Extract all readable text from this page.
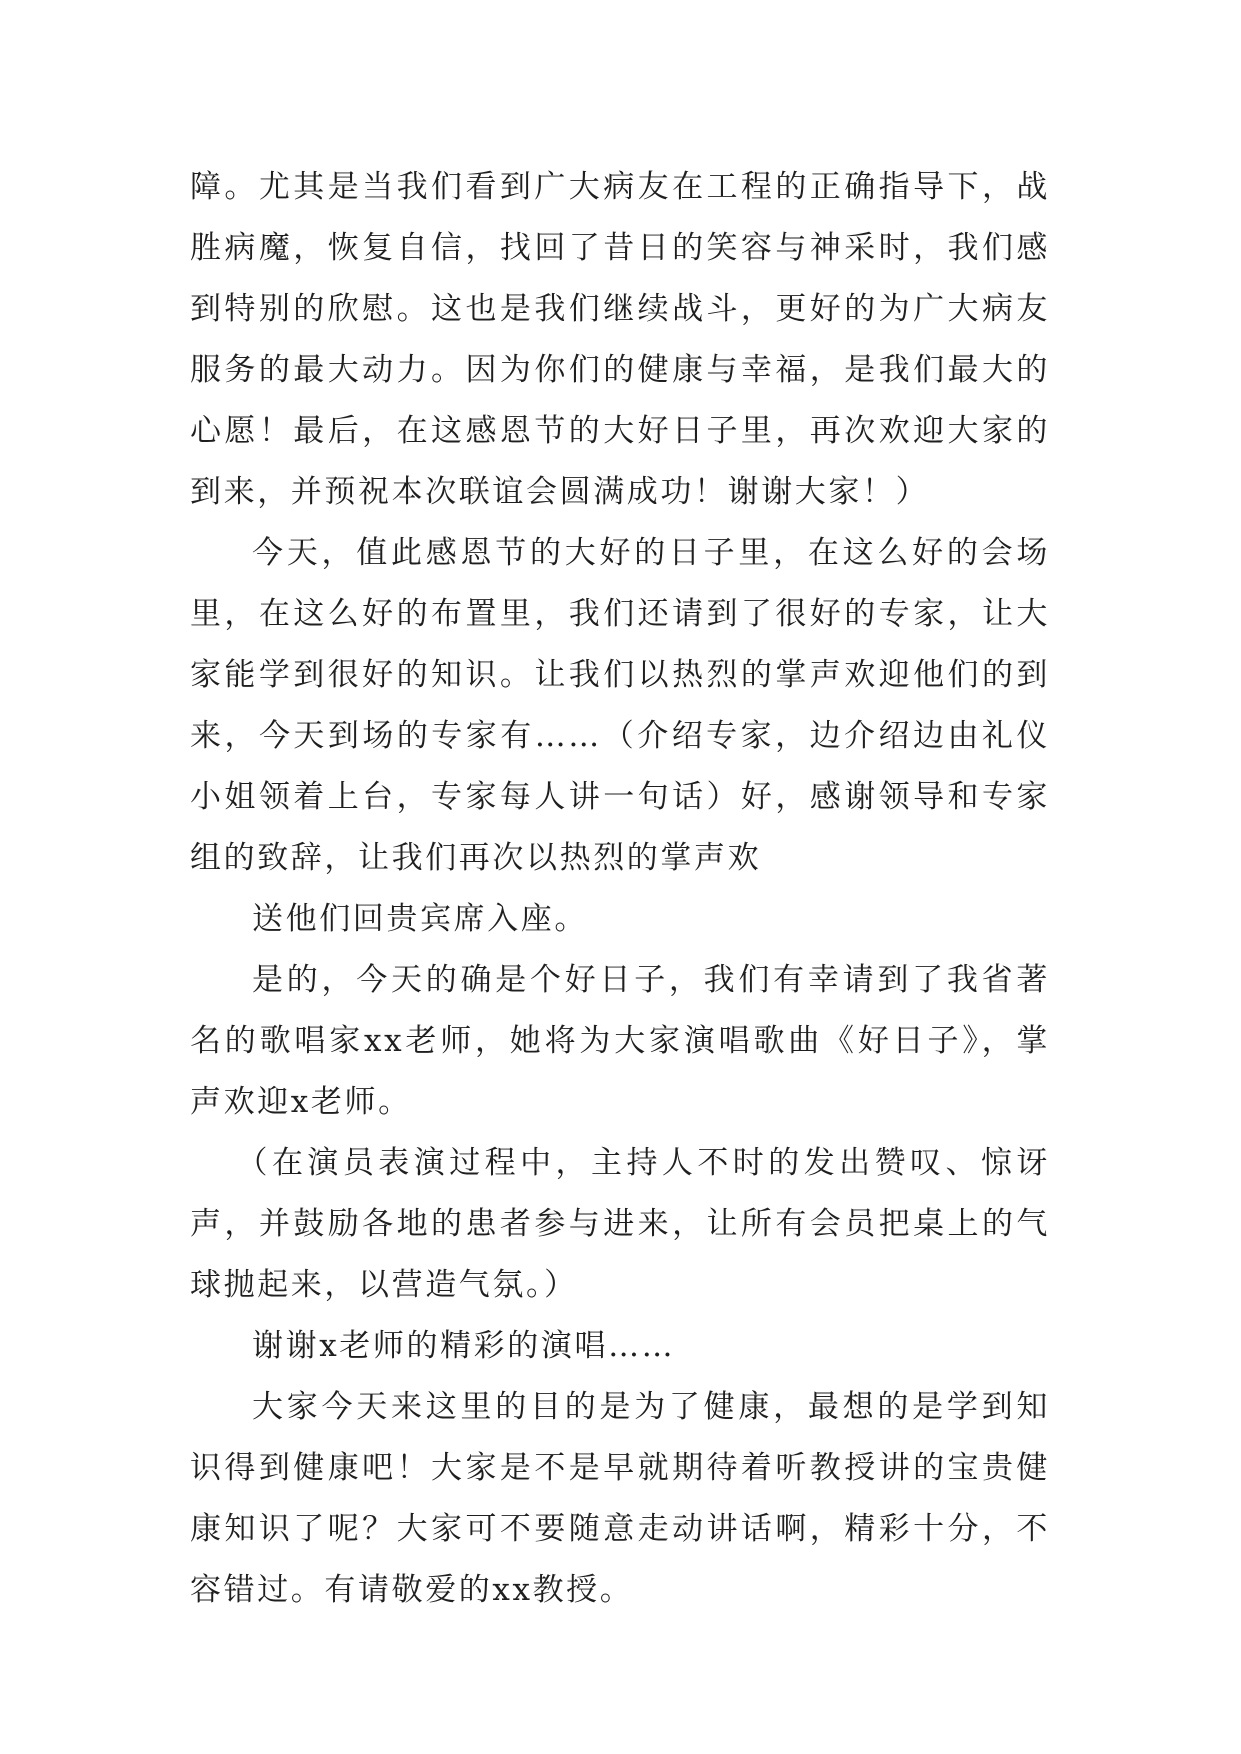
障。尤其是当我们看到广大病友在工程的正确指导下，战胜病魔，恢复自信，找回了昔日的笑容与神采时，我们感到特别的欣慰。这也是我们继续战斗，更好的为广大病友服务的最大动力。因为你们的健康与幸福，是我们最大的心愿！最后，在这感恩节的大好日子里，再次欢迎大家的到来，并预祝本次联谊会圆满成功！谢谢大家！）

今天，值此感恩节的大好的日子里，在这么好的会场里，在这么好的布置里，我们还请到了很好的专家，让大家能学到很好的知识。让我们以热烈的掌声欢迎他们的到来，今天到场的专家有……（介绍专家，边介绍边由礼仪小姐领着上台，专家每人讲一句话）好，感谢领导和专家组的致辞，让我们再次以热烈的掌声欢

送他们回贵宾席入座。

是的，今天的确是个好日子，我们有幸请到了我省著名的歌唱家xx老师，她将为大家演唱歌曲《好日子》，掌声欢迎x老师。

（在演员表演过程中，主持人不时的发出赞叹、惊讶声，并鼓励各地的患者参与进来，让所有会员把桌上的气球抛起来，以营造气氛。）

谢谢x老师的精彩的演唱……

大家今天来这里的目的是为了健康，最想的是学到知识得到健康吧！大家是不是早就期待着听教授讲的宝贵健康知识了呢？大家可不要随意走动讲话啊，精彩十分，不容错过。有请敬爱的xx教授。
